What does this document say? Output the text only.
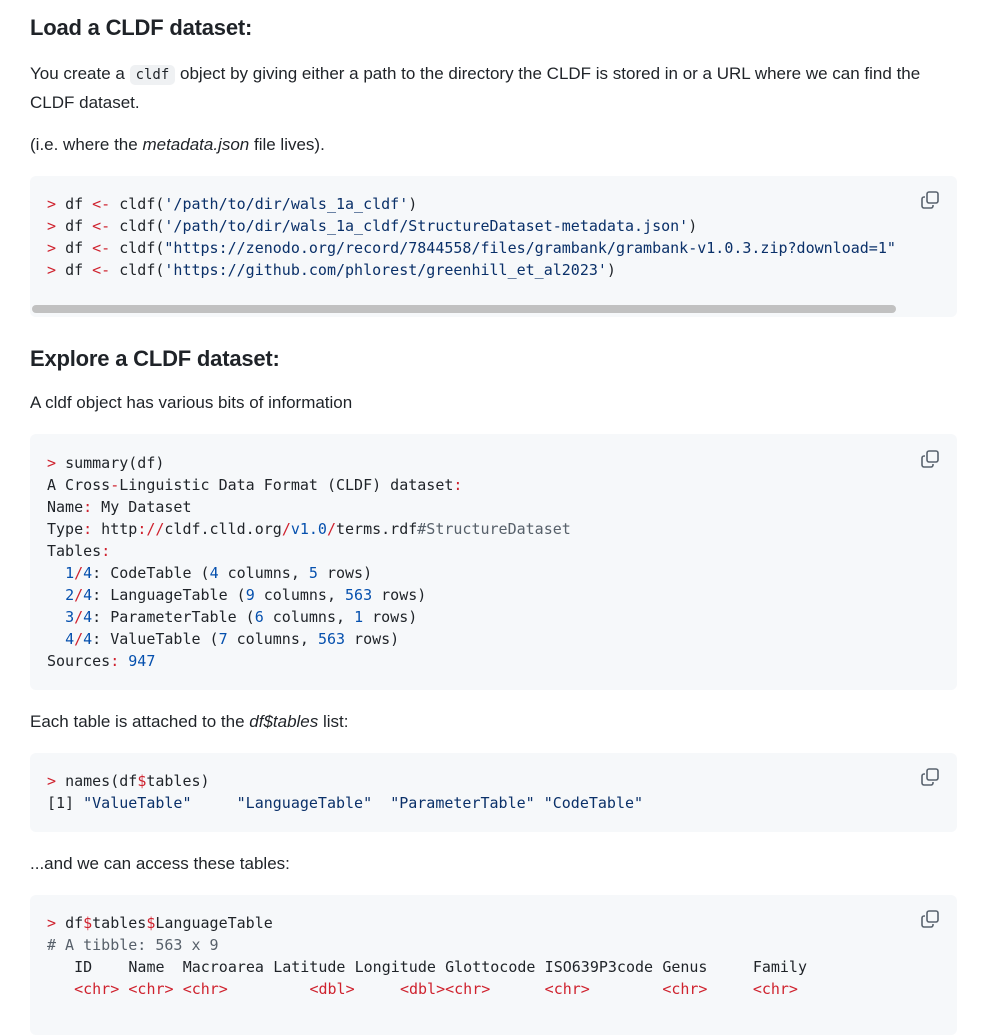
Load a CLDF dataset:

You create a cldf object by giving either a path to the directory the CLDF is stored in or a URL where we can find the CLDF dataset.

(i.e. where the metadata.json file lives).

> df <- cldf('/path/to/dir/wals_1a_cldf')
> df <- cldf('/path/to/dir/wals_1a_cldf/StructureDataset-metadata.json')
> df <- cldf("https://zenodo.org/record/7844558/files/grambank/grambank-v1.0.3.zip?download=1"
> df <- cldf('https://github.com/phlorest/greenhill_et_al2023')
Explore a CLDF dataset:

A cldf object has various bits of information

> summary(df)
A Cross-Linguistic Data Format (CLDF) dataset:
Name: My Dataset
Type: http://cldf.clld.org/v1.0/terms.rdf#StructureDataset
Tables:
1/4: CodeTable (4 columns, 5 rows)
2/4: LanguageTable (9 columns, 563 rows)
3/4: ParameterTable (6 columns, 1 rows)
4/4: ValueTable (7 columns, 563 rows)
Sources: 947

Each table is attached to the df$tables list:

> names(df$tables)
[1] "ValueTable"	"LanguageTable" "ParameterTable" "CodeTable"

...and we can access these tables:

> df$tables$LanguageTable
# A tibble: 563 x 9
ID Name Macroarea Latitude Longitude Glottocode ISO639P3code Genus	Family
<chr> <chr> <chr>	<dbl>	<dbl><chr>	<chr>	<chr>	<chr>
